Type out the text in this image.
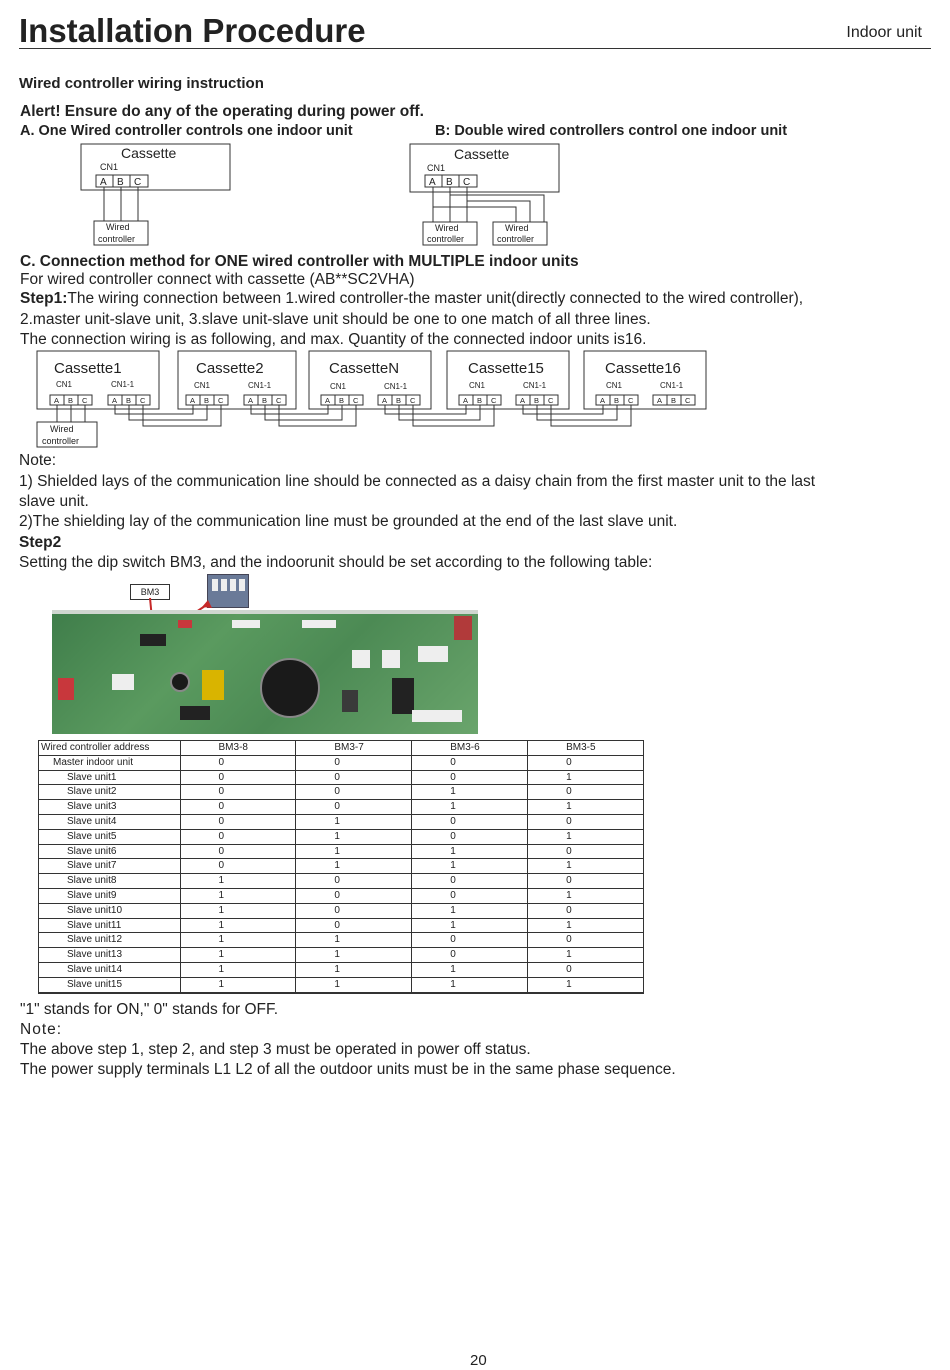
Installation Procedure	Indoor unit
Wired controller wiring instruction
Alert! Ensure do any of the operating during power off.
A. One Wired controller controls one indoor unit	B: Double wired controllers control one indoor unit
Cassette
CN1
A B C
Wired
controller
Cassette
CN1
A B C
Wired
controller
Wired
controller
C. Connection method for ONE wired controller with MULTIPLE indoor units
For wired controller connect with cassette (AB**SC2VHA)
Step1:The wiring connection between 1.wired controller-the master unit(directly connected to the wired controller),
2.master unit-slave unit, 3.slave unit-slave unit should be one to one match of all three lines.
The connection wiring is as following, and max. Quantity of the connected indoor units is16.
Cassette1
CN1	CN1-1
Cassette2
CN1	CN1-1
CassetteN
CN1	CN1-1
Cassette15
CN1	CN1-1
Cassette16
CN1	CN1-1
A B C	A B C	A B C	A B C	A B C	A B C	A B C	A B C	A B C	A B C
Wired
controller
Note:
1) Shielded lays of the communication line should be connected as a daisy chain from the first master unit to the last
slave unit.
2)The shielding lay of the communication line must be grounded at the end of the last slave unit.
Step2
Setting the dip switch BM3, and the indoorunit should be set according to the following table:
BM3
Wired controller address	BM3-8	BM3-7	BM3-6	BM3-5
Master indoor unit	0	0	0	0
Slave unit1	0	0	0	1
Slave unit2	0	0	1	0
Slave unit3	0	0	1	1
Slave unit4	0	1	0	0
Slave unit5	0	1	0	1
Slave unit6	0	1	1	0
Slave unit7	0	1	1	1
Slave unit8	1	0	0	0
Slave unit9	1	0	0	1
Slave unit10	1	0	1	0
Slave unit11	1	0	1	1
Slave unit12	1	1	0	0
Slave unit13	1	1	0	1
Slave unit14	1	1	1	0
Slave unit15	1	1	1	1
"1" stands for ON," 0" stands for OFF.
Note:
The above step 1, step 2, and step 3 must be operated in power off status.
The power supply terminals L1 L2 of all the outdoor units must be in the same phase sequence.
20
